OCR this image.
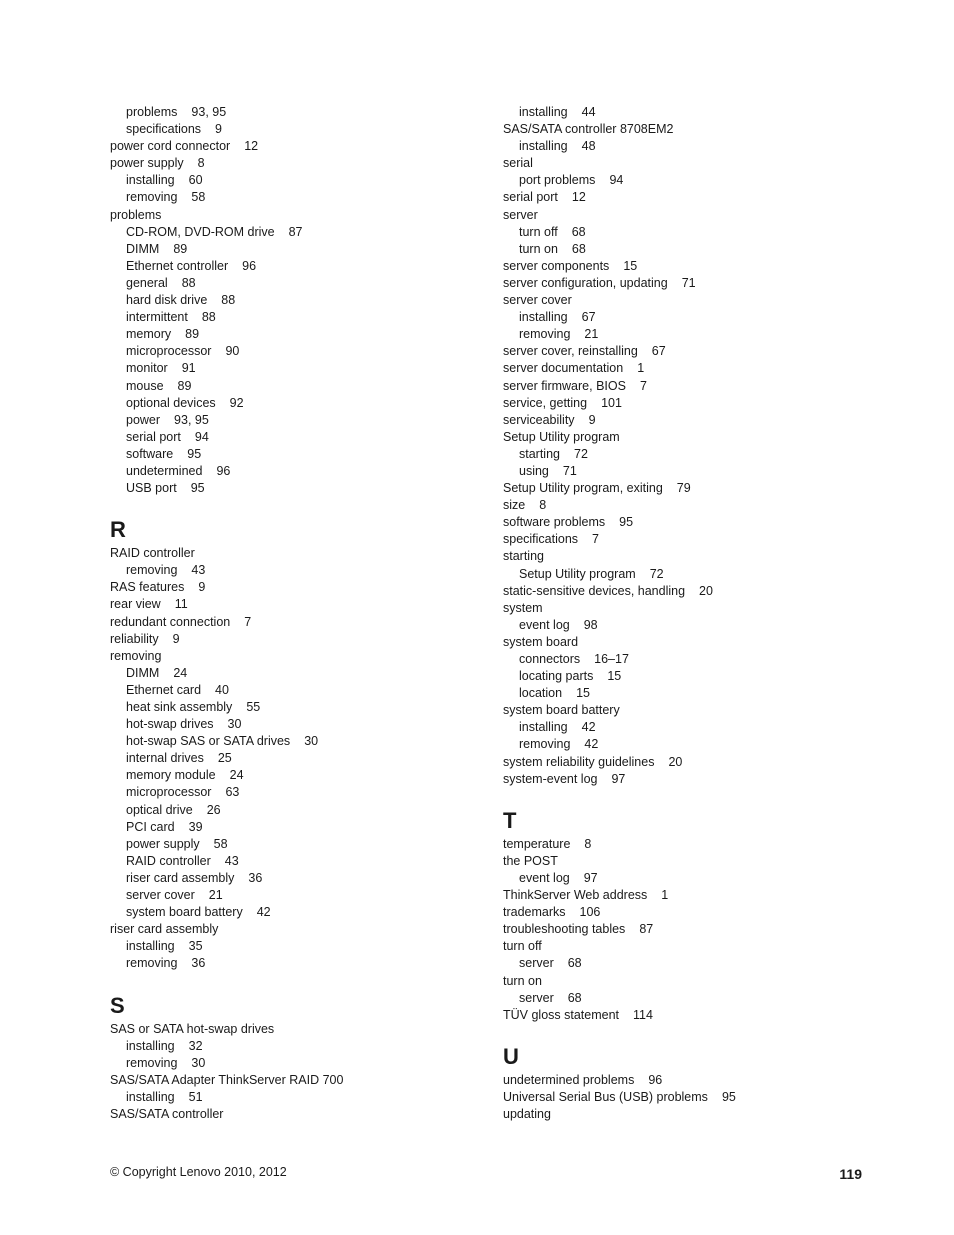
problems 93, 95
specifications 9
power cord connector 12
power supply 8
installing 60
removing 58
problems
CD-ROM, DVD-ROM drive 87
DIMM 89
Ethernet controller 96
general 88
hard disk drive 88
intermittent 88
memory 89
microprocessor 90
monitor 91
mouse 89
optional devices 92
power 93, 95
serial port 94
software 95
undetermined 96
USB port 95
R
RAID controller
removing 43
RAS features 9
rear view 11
redundant connection 7
reliability 9
removing
DIMM 24
Ethernet card 40
heat sink assembly 55
hot-swap drives 30
hot-swap SAS or SATA drives 30
internal drives 25
memory module 24
microprocessor 63
optical drive 26
PCI card 39
power supply 58
RAID controller 43
riser card assembly 36
server cover 21
system board battery 42
riser card assembly
installing 35
removing 36
S
SAS or SATA hot-swap drives
installing 32
removing 30
SAS/SATA Adapter ThinkServer RAID 700
installing 51
SAS/SATA controller
installing 44
SAS/SATA controller 8708EM2
installing 48
serial
port problems 94
serial port 12
server
turn off 68
turn on 68
server components 15
server configuration, updating 71
server cover
installing 67
removing 21
server cover, reinstalling 67
server documentation 1
server firmware, BIOS 7
service, getting 101
serviceability 9
Setup Utility program
starting 72
using 71
Setup Utility program, exiting 79
size 8
software problems 95
specifications 7
starting
Setup Utility program 72
static-sensitive devices, handling 20
system
event log 98
system board
connectors 16–17
locating parts 15
location 15
system board battery
installing 42
removing 42
system reliability guidelines 20
system-event log 97
T
temperature 8
the POST
event log 97
ThinkServer Web address 1
trademarks 106
troubleshooting tables 87
turn off
server 68
turn on
server 68
TÜV gloss statement 114
U
undetermined problems 96
Universal Serial Bus (USB) problems 95
updating
© Copyright Lenovo 2010, 2012	119
